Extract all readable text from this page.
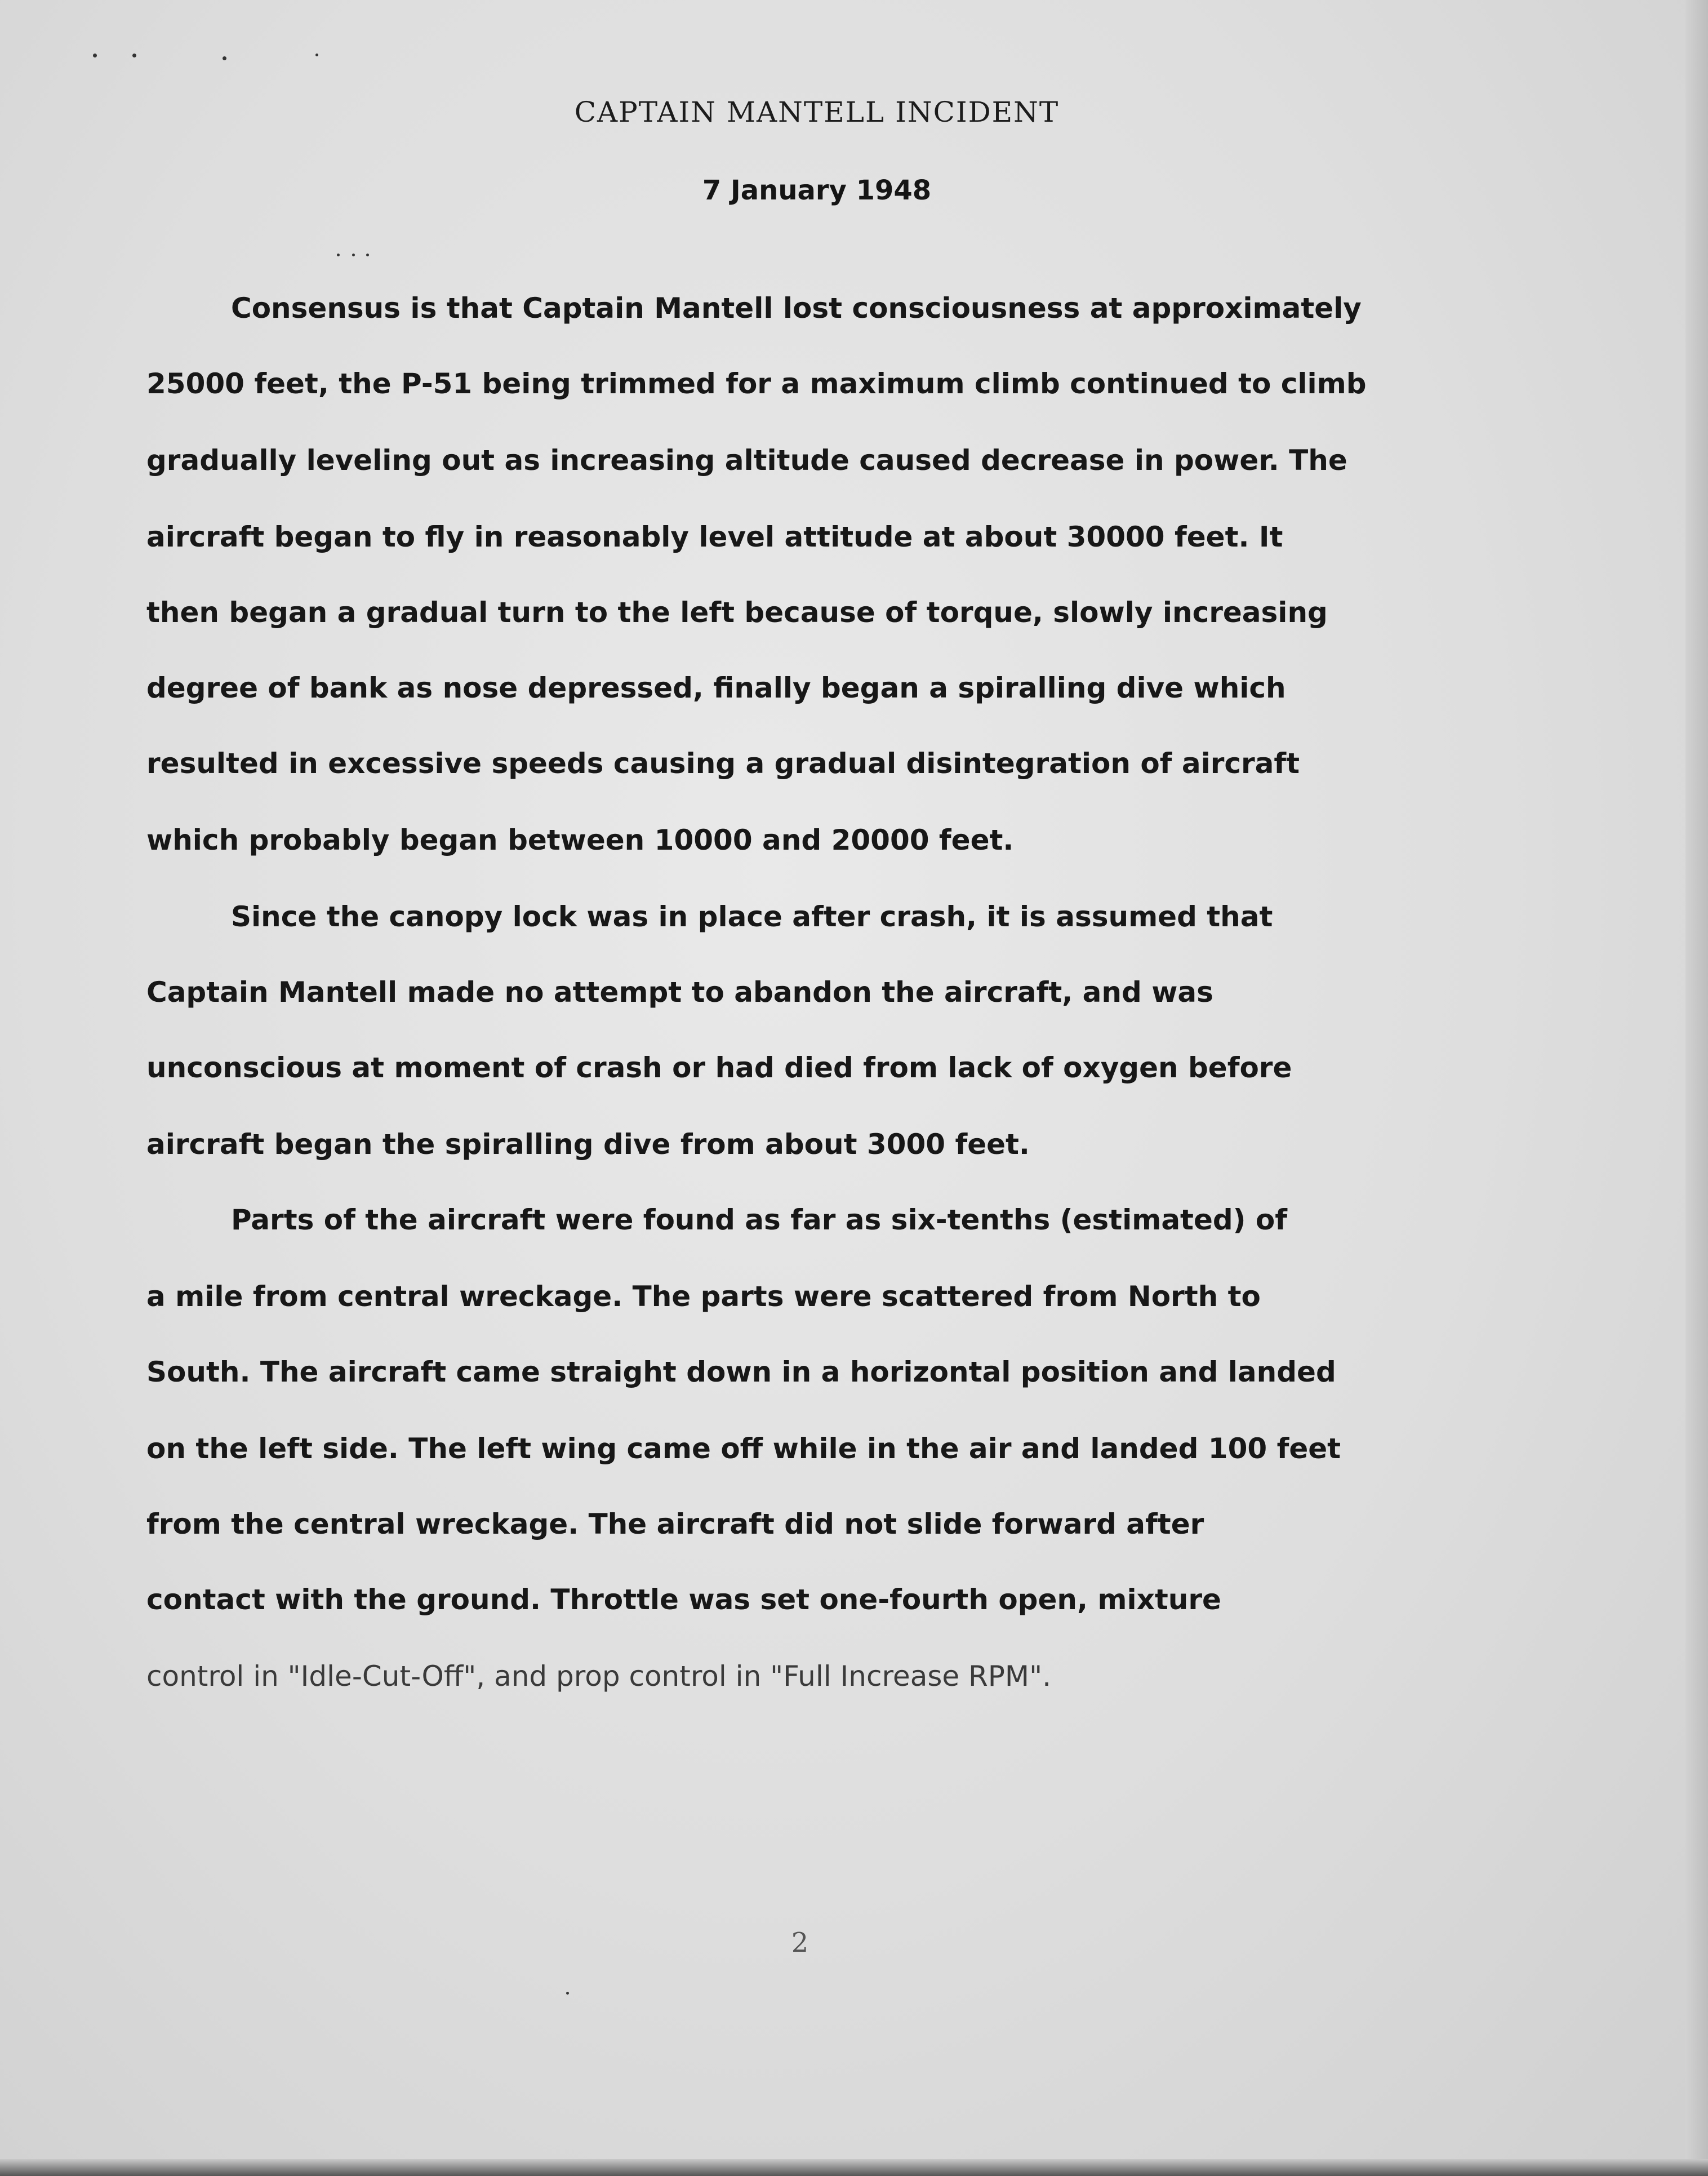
CAPTAIN MANTELL INCIDENT
7 January 1948
Consensus is that Captain Mantell lost consciousness at approximately
25000 feet, the P-51 being trimmed for a maximum climb continued to climb
gradually leveling out as increasing altitude caused decrease in power. The
aircraft began to fly in reasonably level attitude at about 30000 feet. It
then began a gradual turn to the left because of torque, slowly increasing
degree of bank as nose depressed, finally began a spiralling dive which
resulted in excessive speeds causing a gradual disintegration of aircraft
which probably began between 10000 and 20000 feet.
Since the canopy lock was in place after crash, it is assumed that
Captain Mantell made no attempt to abandon the aircraft, and was
unconscious at moment of crash or had died from lack of oxygen before
aircraft began the spiralling dive from about 3000 feet.
Parts of the aircraft were found as far as six-tenths (estimated) of
a mile from central wreckage. The parts were scattered from North to
South. The aircraft came straight down in a horizontal position and landed
on the left side. The left wing came off while in the air and landed 100 feet
from the central wreckage. The aircraft did not slide forward after
contact with the ground. Throttle was set one-fourth open, mixture
control in "Idle-Cut-Off", and prop control in "Full Increase RPM".
2
